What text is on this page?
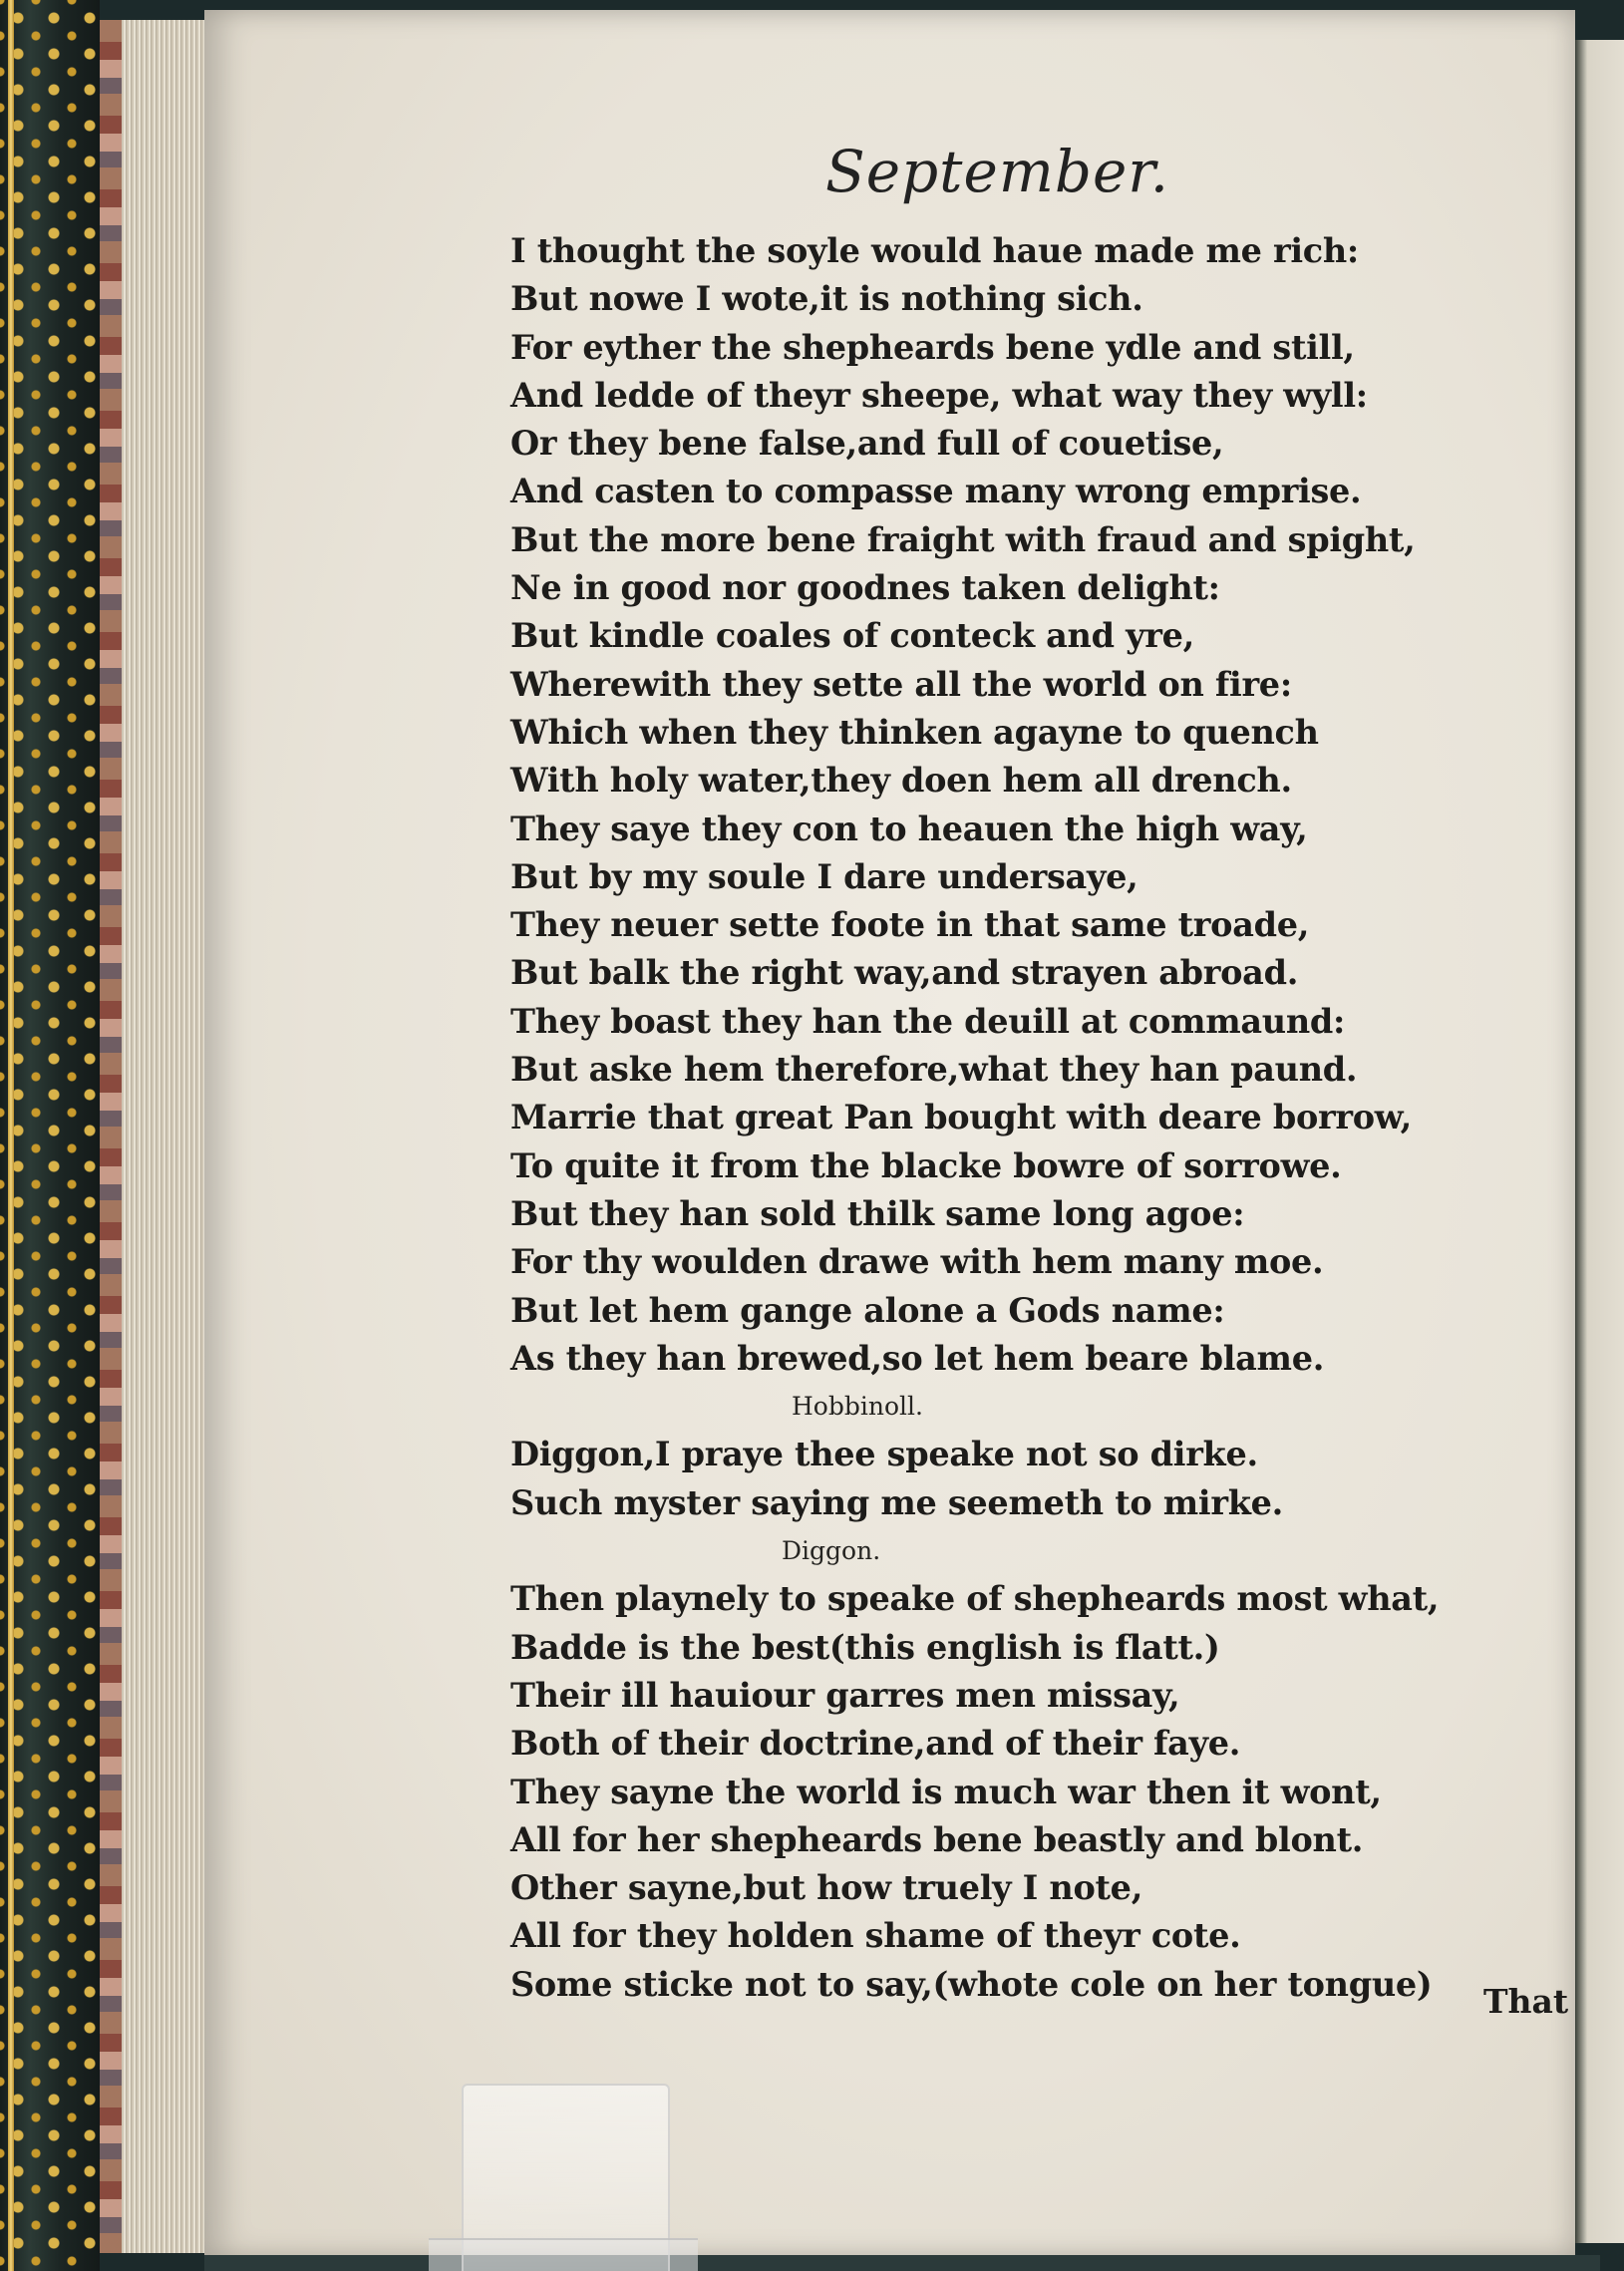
September.
I thought the soyle would haue made me rich:
But nowe I wote,it is nothing sich.
For eyther the shepheards bene ydle and still,
And ledde of theyr sheepe, what way they wyll:
Or they bene false,and full of couetise,
And casten to compasse many wrong emprise.
But the more bene fraight with fraud and spight,
Ne in good nor goodnes taken delight:
But kindle coales of conteck and yre,
Wherewith they sette all the world on fire:
Which when they thinken agayne to quench
With holy water,they doen hem all drench.
They saye they con to heauen the high way,
But by my soule I dare undersaye,
They neuer sette foote in that same troade,
But balk the right way,and strayen abroad.
They boast they han the deuill at commaund:
But aske hem therefore,what they han paund.
Marrie that great Pan bought with deare borrow,
To quite it from the blacke bowre of sorrowe.
But they han sold thilk same long agoe:
For thy woulden drawe with hem many moe.
But let hem gange alone a Gods name:
As they han brewed,so let hem beare blame.
Hobbinoll.
Diggon,I praye thee speake not so dirke.
Such myster saying me seemeth to mirke.
Diggon.
Then playnely to speake of shepheards most what,
Badde is the best(this english is flatt.)
Their ill hauiour garres men missay,
Both of their doctrine,and of their faye.
They sayne the world is much war then it wont,
All for her shepheards bene beastly and blont.
Other sayne,but how truely I note,
All for they holden shame of theyr cote.
Some sticke not to say,(whote cole on her tongue) That
